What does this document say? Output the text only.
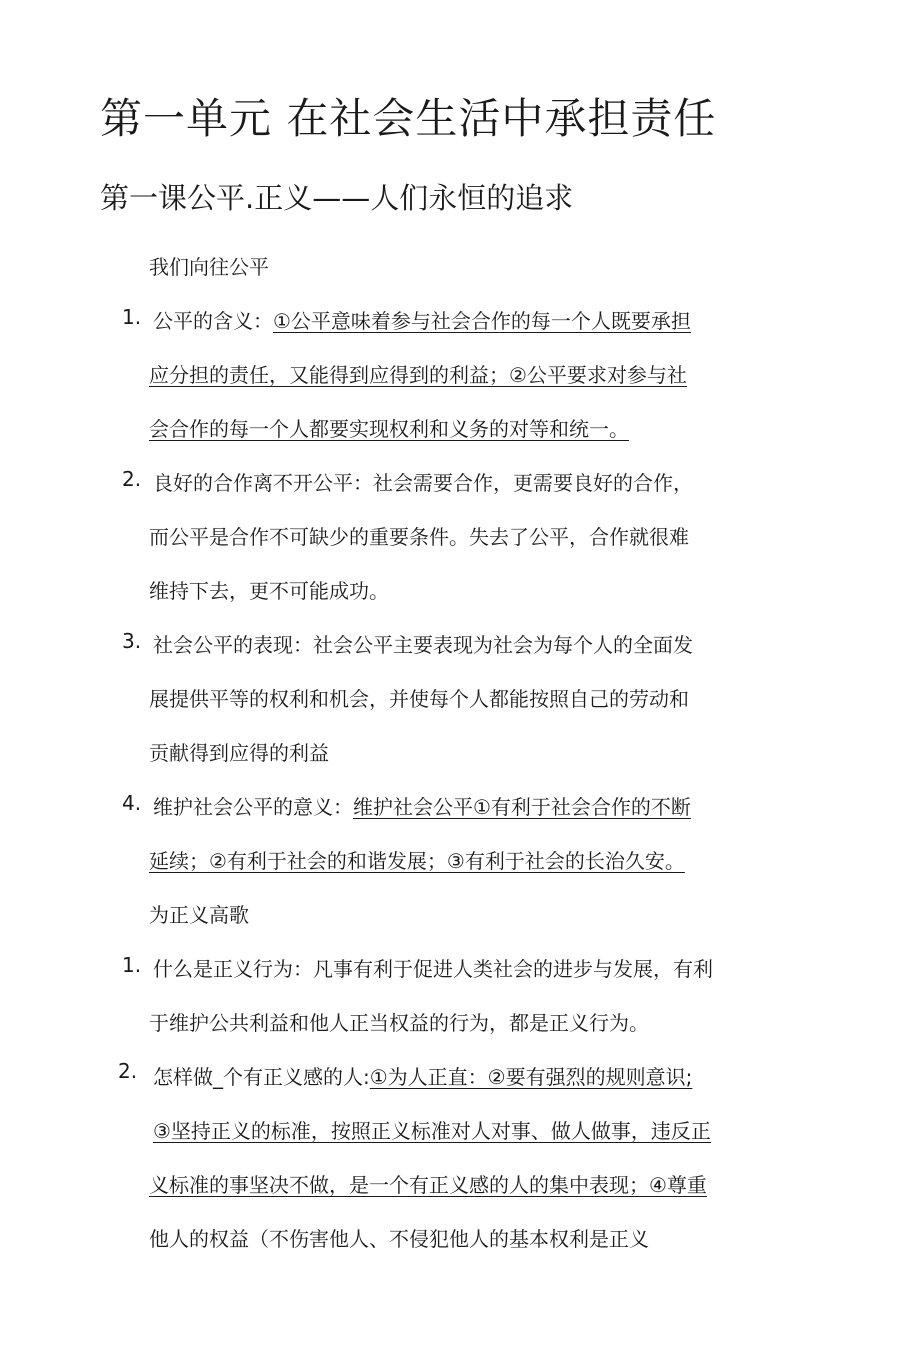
第一单元 在社会生活中承担责任
第一课公平.正义——人们永恒的追求
我们向往公平
1. 公平的含义：①公平意味着参与社会合作的每一个人既要承担
应分担的责任，又能得到应得到的利益；②公平要求对参与社
会合作的每一个人都要实现权利和义务的对等和统一。
2. 良好的合作离不开公平：社会需要合作，更需要良好的合作，
而公平是合作不可缺少的重要条件。失去了公平，合作就很难
维持下去，更不可能成功。
3. 社会公平的表现：社会公平主要表现为社会为每个人的全面发
展提供平等的权利和机会，并使每个人都能按照自己的劳动和
贡献得到应得的利益
4. 维护社会公平的意义：维护社会公平①有利于社会合作的不断
延续；②有利于社会的和谐发展；③有利于社会的长治久安。
为正义高歌
1. 什么是正义行为：凡事有利于促进人类社会的进步与发展，有利
于维护公共利益和他人正当权益的行为，都是正义行为。
2. 怎样做_个有正义感的人:①为人正直：②要有强烈的规则意识;
③坚持正义的标准，按照正义标准对人对事、做人做事，违反正
义标准的事坚决不做，是一个有正义感的人的集中表现；④尊重
他人的权益（不伤害他人、不侵犯他人的基本权利是正义
